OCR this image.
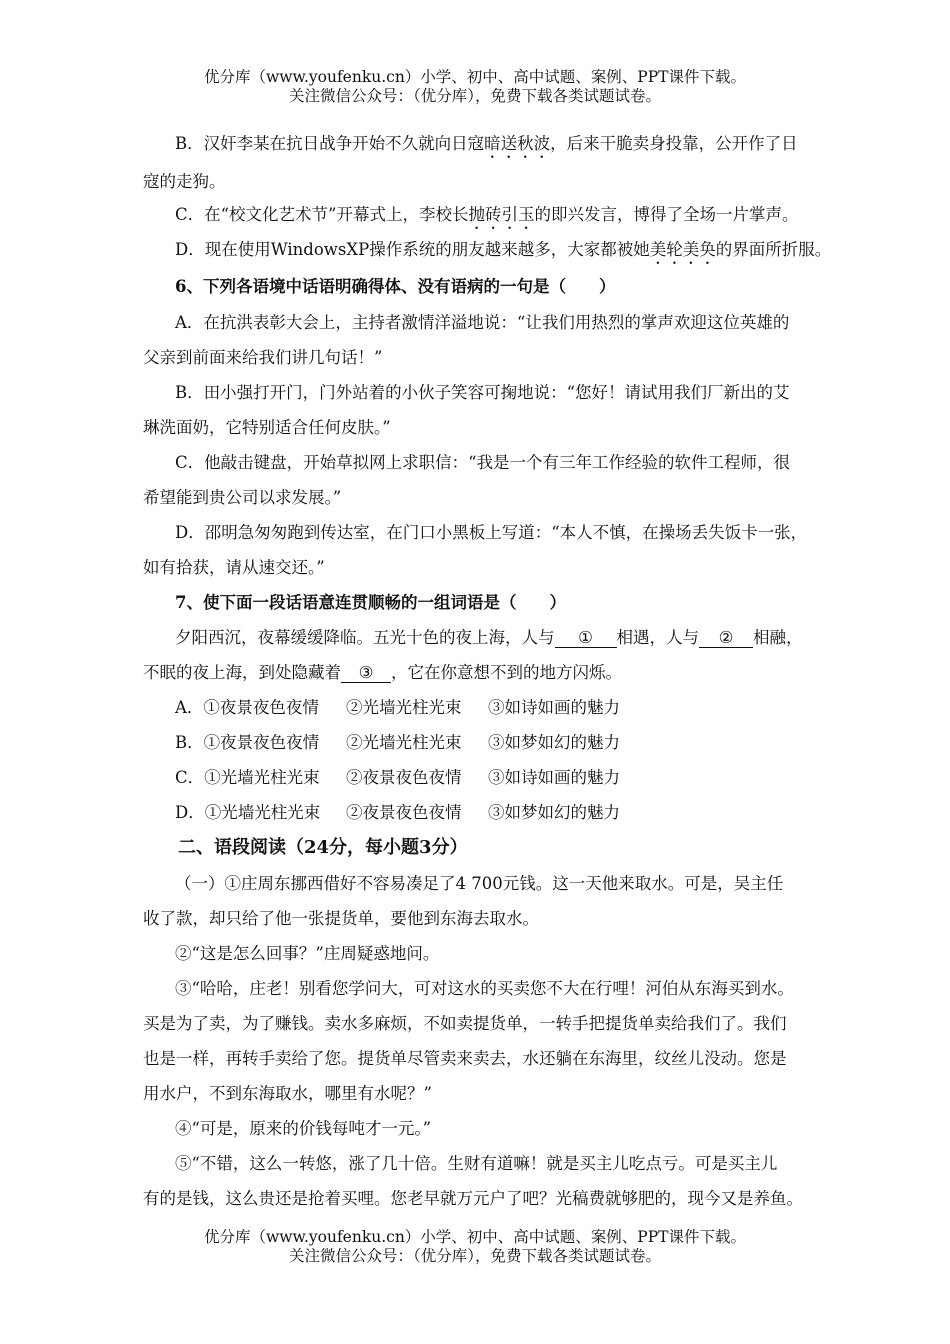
优分库（www.youfenku.cn）小学、初中、高中试题、案例、PPT课件下载。
关注微信公众号：（优分库），免费下载各类试题试卷。
B．汉奸李某在抗日战争开始不久就向日寇暗送秋波，后来干脆卖身投靠，公开作了日
寇的走狗。
C．在“校文化艺术节”开幕式上，李校长抛砖引玉的即兴发言，博得了全场一片掌声。
D．现在使用WindowsXP操作系统的朋友越来越多，大家都被她美轮美奂的界面所折服。
6、下列各语境中话语明确得体、没有语病的一句是（　　）
A．在抗洪表彰大会上，主持者激情洋溢地说：“让我们用热烈的掌声欢迎这位英雄的
父亲到前面来给我们讲几句话！”
B．田小强打开门，门外站着的小伙子笑容可掬地说：“您好！请试用我们厂新出的艾
琳洗面奶，它特别适合任何皮肤。”
C．他敲击键盘，开始草拟网上求职信：“我是一个有三年工作经验的软件工程师，很
希望能到贵公司以求发展。”
D．邵明急匆匆跑到传达室，在门口小黑板上写道：“本人不慎，在操场丢失饭卡一张，
如有拾获，请从速交还。”
7、使下面一段话语意连贯顺畅的一组词语是（　　）
夕阳西沉，夜幕缓缓降临。五光十色的夜上海，人与 ① 相遇，人与 ② 相融，
不眠的夜上海，到处隐藏着 ③ ，它在你意想不到的地方闪烁。
A．①夜景夜色夜情 ②光墙光柱光束 ③如诗如画的魅力
B．①夜景夜色夜情 ②光墙光柱光束 ③如梦如幻的魅力
C．①光墙光柱光束 ②夜景夜色夜情 ③如诗如画的魅力
D．①光墙光柱光束 ②夜景夜色夜情 ③如梦如幻的魅力
二、语段阅读（24分，每小题3分）
（一）①庄周东挪西借好不容易凑足了4 700元钱。这一天他来取水。可是，吴主任
收了款，却只给了他一张提货单，要他到东海去取水。
②“这是怎么回事？”庄周疑惑地问。
③“哈哈，庄老！别看您学问大，可对这水的买卖您不大在行哩！河伯从东海买到水。
买是为了卖，为了赚钱。卖水多麻烦，不如卖提货单，一转手把提货单卖给我们了。我们
也是一样，再转手卖给了您。提货单尽管卖来卖去，水还躺在东海里，纹丝儿没动。您是
用水户，不到东海取水，哪里有水呢？”
④“可是，原来的价钱每吨才一元。”
⑤“不错，这么一转悠，涨了几十倍。生财有道嘛！就是买主儿吃点亏。可是买主儿
有的是钱，这么贵还是抢着买哩。您老早就万元户了吧？光稿费就够肥的，现今又是养鱼。
优分库（www.youfenku.cn）小学、初中、高中试题、案例、PPT课件下载。
关注微信公众号：（优分库），免费下载各类试题试卷。
